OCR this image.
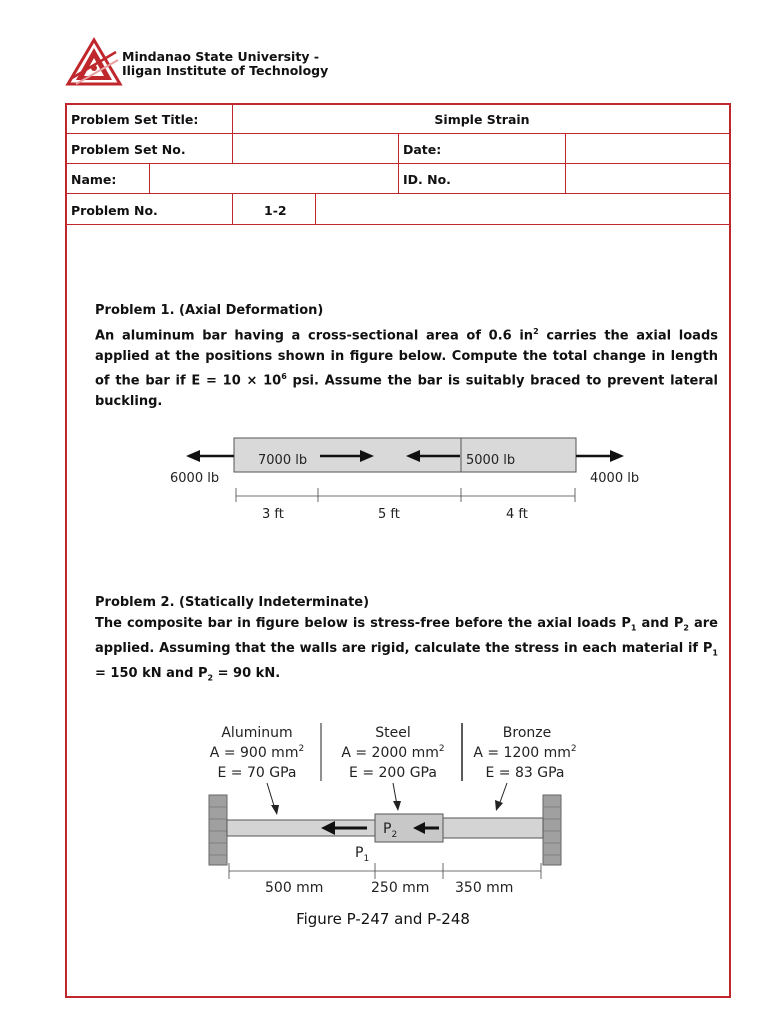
Mindanao State University -
Iligan Institute of Technology
Problem Set Title:	Simple Strain
Problem Set No.	Date:
Name:	ID. No.
Problem No.	1-2
Problem 1. (Axial Deformation)
An aluminum bar having a cross-sectional area of 0.6 $in^2$ carries the axial loads applied at the positions shown in figure below. Compute the total change in length of the bar if $E = 10 \times 10^6$ psi. Assume the bar is suitably braced to prevent lateral buckling.
7000 lb	5000 lb
6000 lb	4000 lb
3 ft	5 ft	4 ft
Problem 2. (Statically Indeterminate)
The composite bar in figure below is stress-free before the axial loads $P_1$ and $P_2$ are applied. Assuming that the walls are rigid, calculate the stress in each material if $P_1 = 150$ kN and $P_2 = 90$ kN.
Aluminum
A = 900 $mm^2$
E = 70 GPa
Steel
A = 2000 $mm^2$
E = 200 GPa
Bronze
A = 1200 $mm^2$
E = 83 GPa
$P_1$
$P_2$
500 mm	250 mm 350 mm
Figure P-247 and P-248
